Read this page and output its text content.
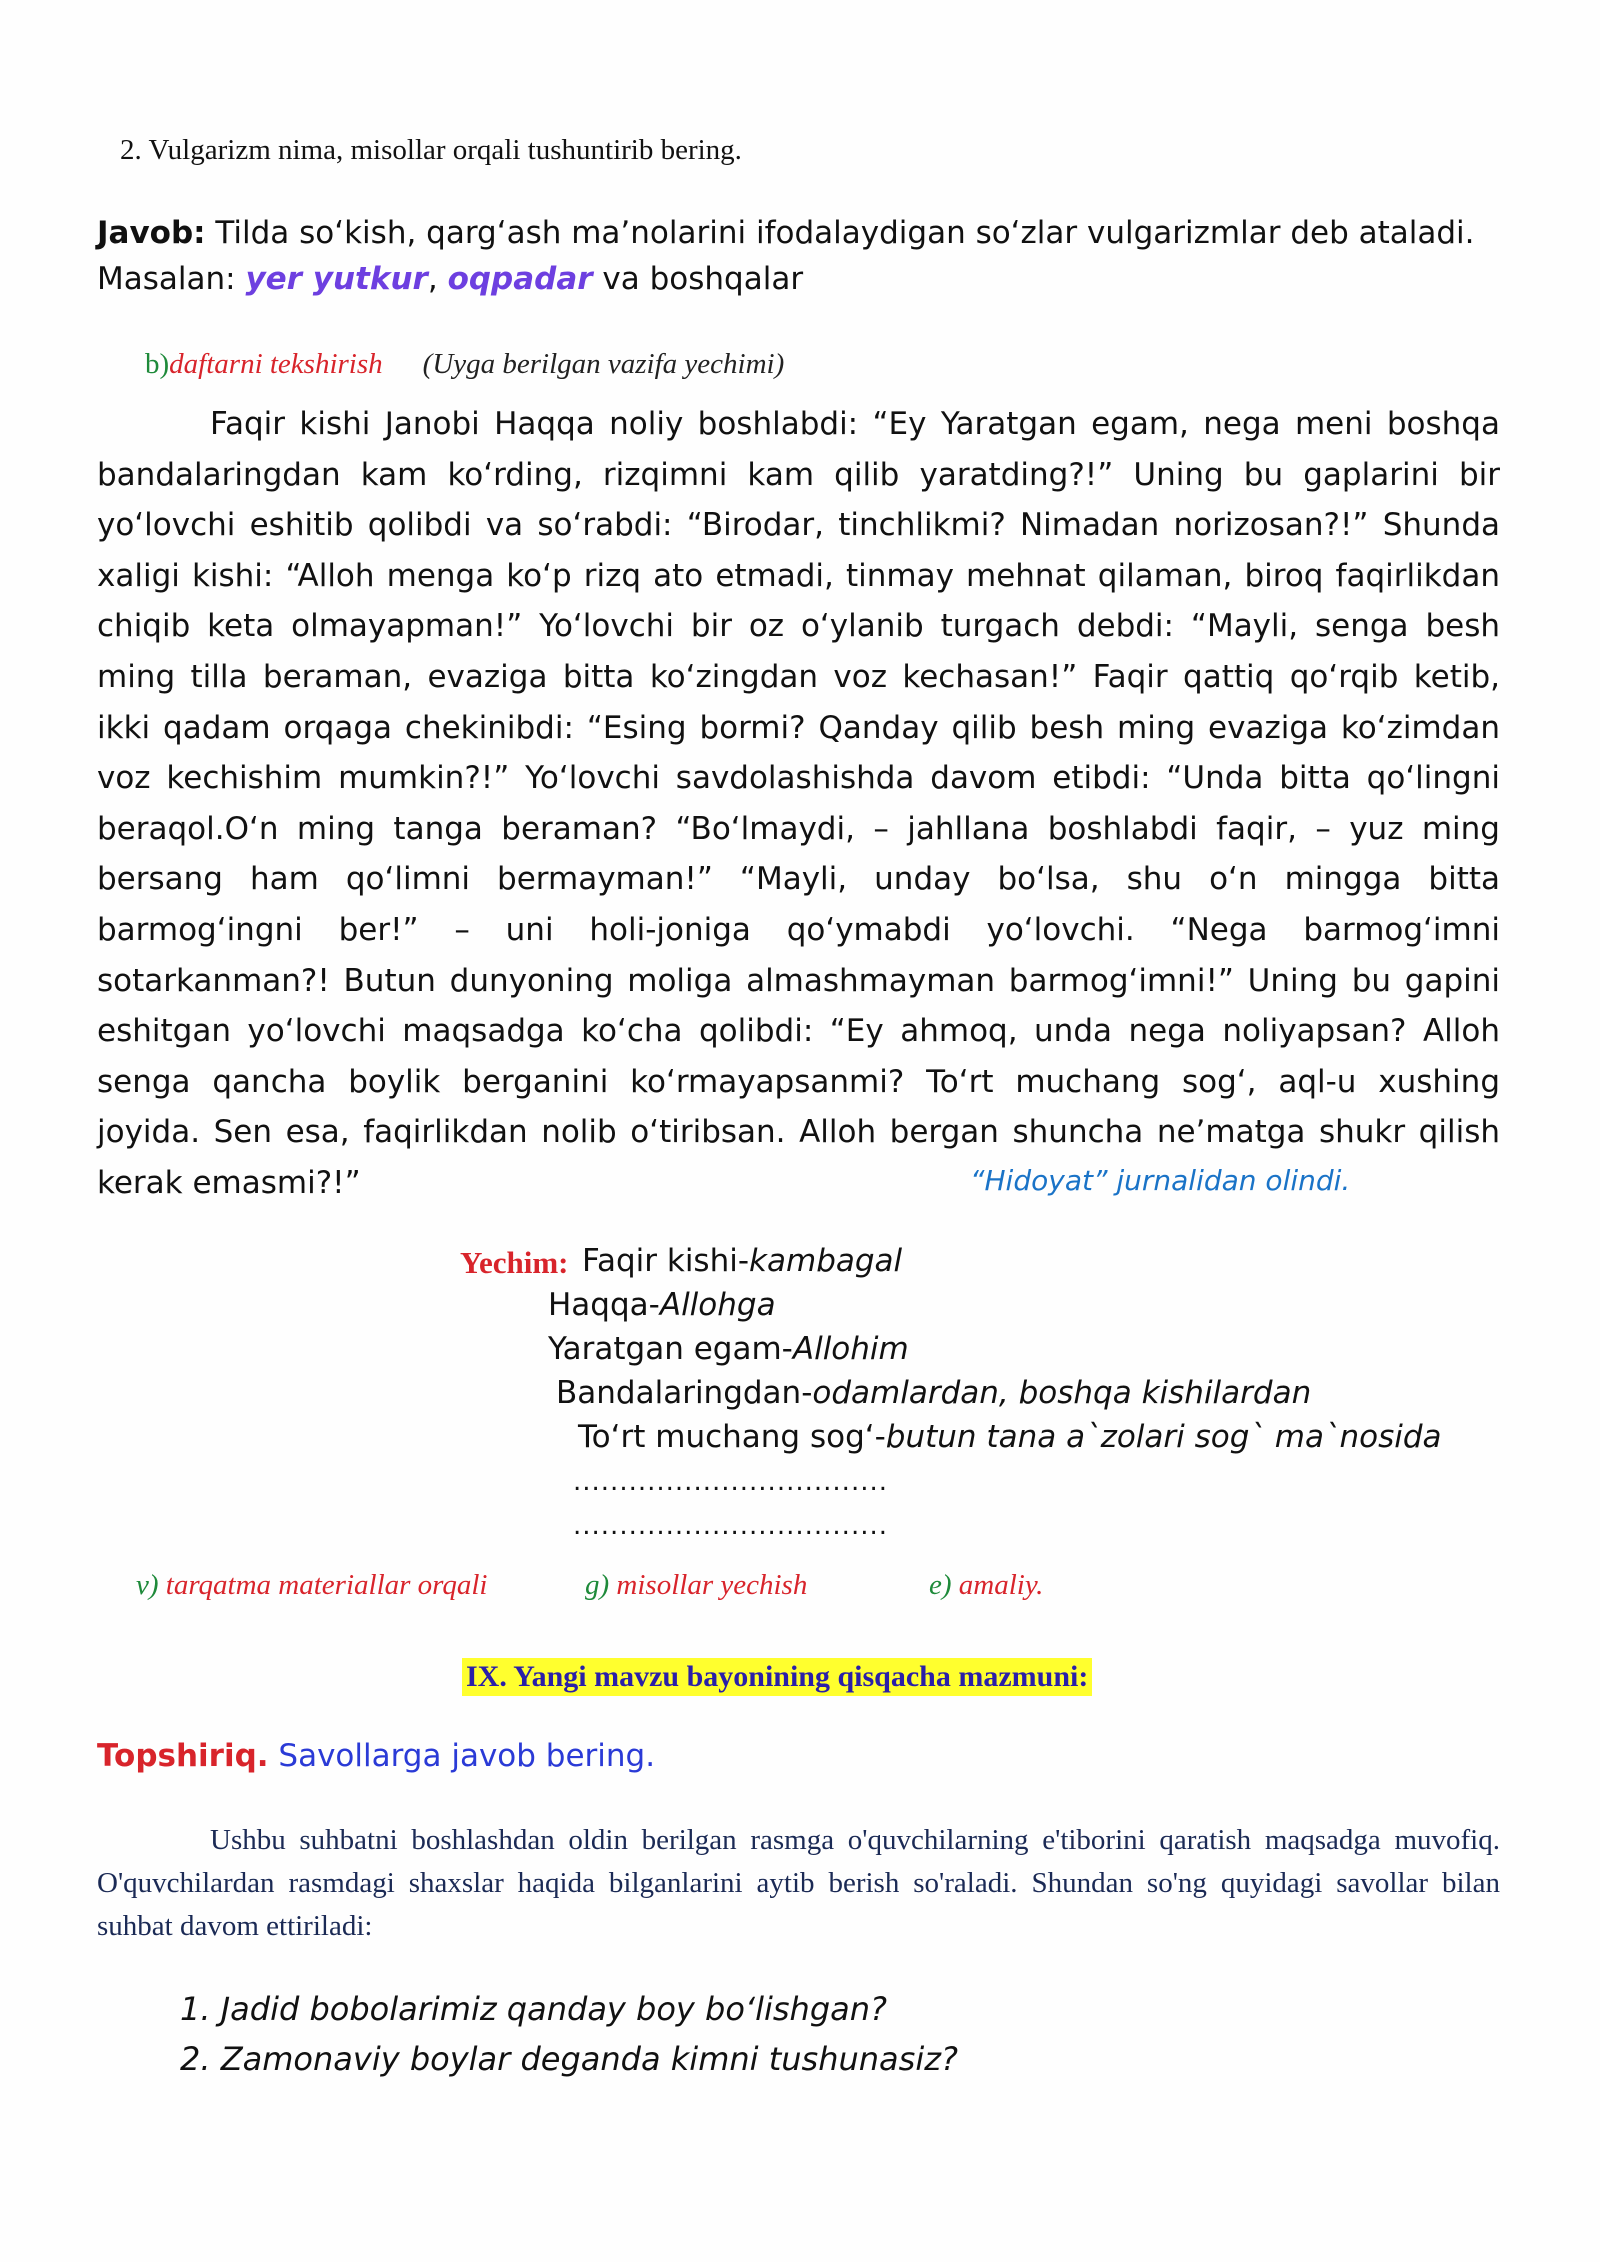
2. Vulgarizm nima, misollar orqali tushuntirib bering.
Javob: Tilda so‘kish, qarg‘ash ma’nolarini ifodalaydigan so‘zlar vulgarizmlar deb ataladi. Masalan: yer yutkur, oqpadar va boshqalar
b)daftarni tekshirish (Uyga berilgan vazifa yechimi)

Faqir kishi Janobi Haqqa noliy boshlabdi: “Ey Yaratgan egam, nega meni boshqa bandalaringdan kam ko‘rding, rizqimni kam qilib yaratding?!” Uning bu gaplarini bir yo‘lovchi eshitib qolibdi va so‘rabdi: “Birodar, tinchlikmi? Nimadan norizosan?!” Shunda xaligi kishi: “Alloh menga ko‘p rizq ato etmadi, tinmay mehnat qilaman, biroq faqirlikdan chiqib keta olmayapman!” Yo‘lovchi bir oz o‘ylanib turgach debdi: “Mayli, senga besh ming tilla beraman, evaziga bitta ko‘zingdan voz kechasan!” Faqir qattiq qo‘rqib ketib, ikki qadam orqaga chekinibdi: “Esing bormi? Qanday qilib besh ming evaziga ko‘zimdan voz kechishim mumkin?!” Yo‘lovchi savdolashishda davom etibdi: “Unda bitta qo‘lingni beraqol.O‘n ming tanga beraman? “Bo‘lmaydi, – jahllana boshlabdi faqir, – yuz ming bersang ham qo‘limni bermayman!” “Mayli, unday bo‘lsa, shu o‘n mingga bitta barmog‘ingni ber!” – uni holi-joniga qo‘ymabdi yo‘lovchi. “Nega barmog‘imni sotarkanman?! Butun dunyoning moliga almashmayman barmog‘imni!” Uning bu gapini eshitgan yo‘lovchi maqsadga ko‘cha qolibdi: “Ey ahmoq, unda nega noliyapsan? Alloh senga qancha boylik berganini ko‘rmayapsanmi? To‘rt muchang sog‘, aql-u xushing joyida. Sen esa, faqirlikdan nolib o‘tiribsan. Alloh bergan shuncha ne’matga shukr qilish kerak emasmi?!”	“Hidoyat” jurnalidan olindi.
Yechim: Faqir kishi-kambagal
Haqqa-Allohga
Yaratgan egam-Allohim
Bandalaringdan-odamlardan, boshqa kishilardan
To‘rt muchang sog‘-butun tana a`zolari sog` ma`nosida
..................................
..................................
v) tarqatma materiallar orqali	g) misollar yechish	e) amaliy.
IX. Yangi mavzu bayonining qisqacha mazmuni:
Topshiriq. Savollarga javob bering.

Ushbu suhbatni boshlashdan oldin berilgan rasmga o'quvchilarning e'tiborini qaratish maqsadga muvofiq. O'quvchilardan rasmdagi shaxslar haqida bilganlarini aytib berish so'raladi. Shundan so'ng quyidagi savollar bilan suhbat davom ettiriladi:

1. Jadid bobolarimiz qanday boy bo‘lishgan?
2. Zamonaviy boylar deganda kimni tushunasiz?
